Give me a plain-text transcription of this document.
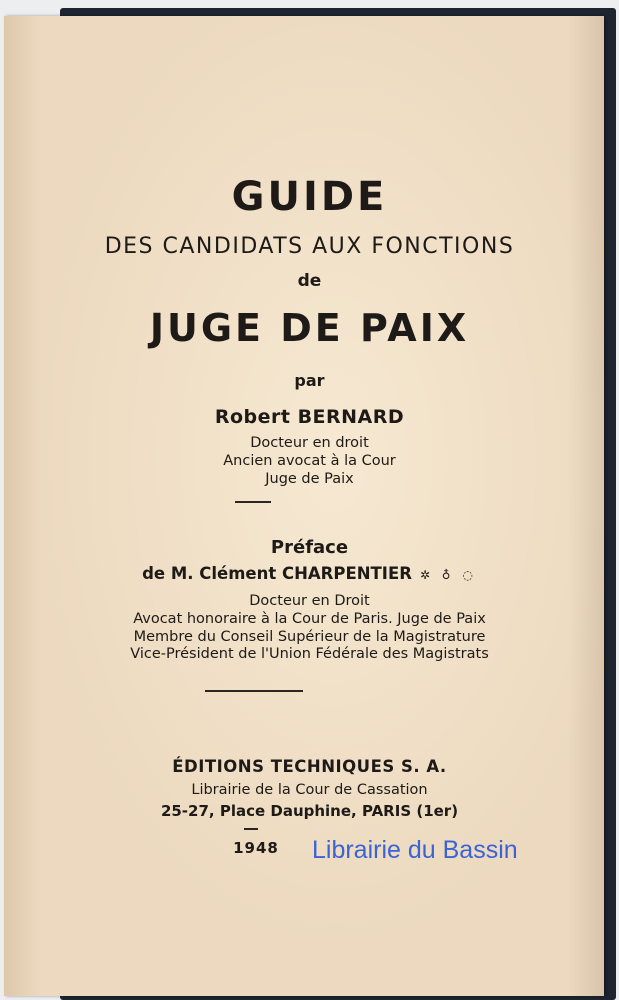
GUIDE
DES CANDIDATS AUX FONCTIONS
de
JUGE DE PAIX
par
Robert BERNARD
Docteur en droit
Ancien avocat à la Cour
Juge de Paix
Préface
de M. Clément CHARPENTIER ✲ ♁ ◌
Docteur en Droit
Avocat honoraire à la Cour de Paris. Juge de Paix
Membre du Conseil Supérieur de la Magistrature
Vice-Président de l'Union Fédérale des Magistrats
ÉDITIONS TECHNIQUES S. A.
Librairie de la Cour de Cassation
25-27, Place Dauphine, PARIS (1er)
1948 Librairie du Bassin
